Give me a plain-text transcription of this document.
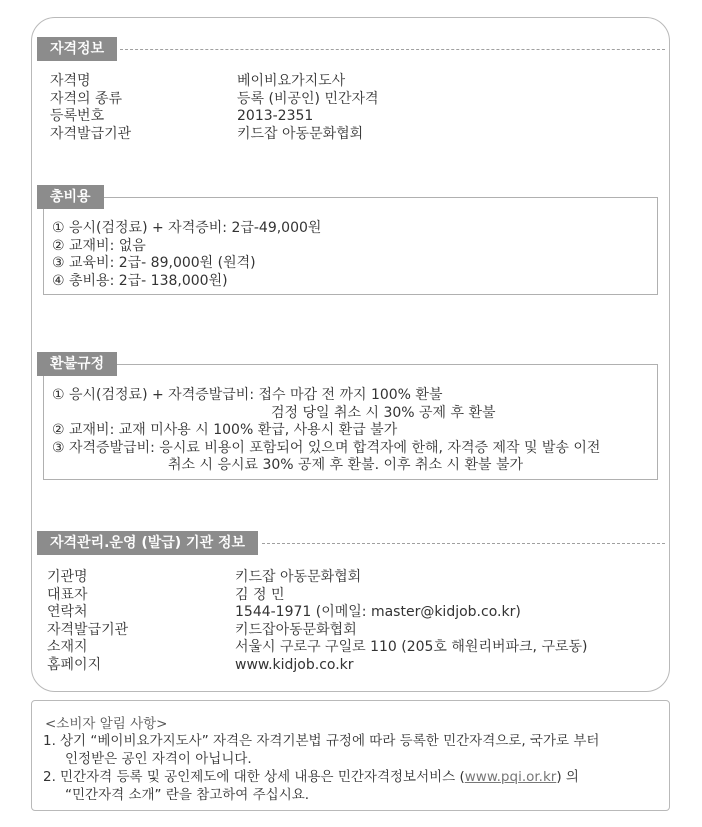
자격정보
자격명	베이비요가지도사
자격의 종류	등록 (비공인) 민간자격
등록번호	2013-2351
자격발급기관	키드잡 아동문화협회
총비용
① 응시(검정료) + 자격증비: 2급-49,000원
② 교재비: 없음
③ 교육비: 2급- 89,000원 (원격)
④ 총비용: 2급- 138,000원)
환불규정
① 응시(검정료) + 자격증발급비: 접수 마감 전 까지 100% 환불
검정 당일 취소 시 30% 공제 후 환불
② 교재비: 교재 미사용 시 100% 환급, 사용시 환급 불가
③ 자격증발급비: 응시료 비용이 포함되어 있으며 합격자에 한해, 자격증 제작 및 발송 이전
취소 시 응시료 30% 공제 후 환불. 이후 취소 시 환불 불가
자격관리.운영 (발급) 기관 정보
기관명	키드잡 아동문화협회
대표자	김 정 민
연락처	1544-1971 (이메일: master@kidjob.co.kr)
자격발급기관	키드잡아동문화협회
소재지	서울시 구로구 구일로 110 (205호 해원리버파크, 구로동)
홈페이지	www.kidjob.co.kr
<소비자 알림 사항>
1. 상기 “베이비요가지도사” 자격은 자격기본법 규정에 따라 등록한 민간자격으로, 국가로 부터
인정받은 공인 자격이 아닙니다.
2. 민간자격 등록 및 공인제도에 대한 상세 내용은 민간자격정보서비스 (www.pqi.or.kr) 의
“민간자격 소개” 란을 참고하여 주십시요.
